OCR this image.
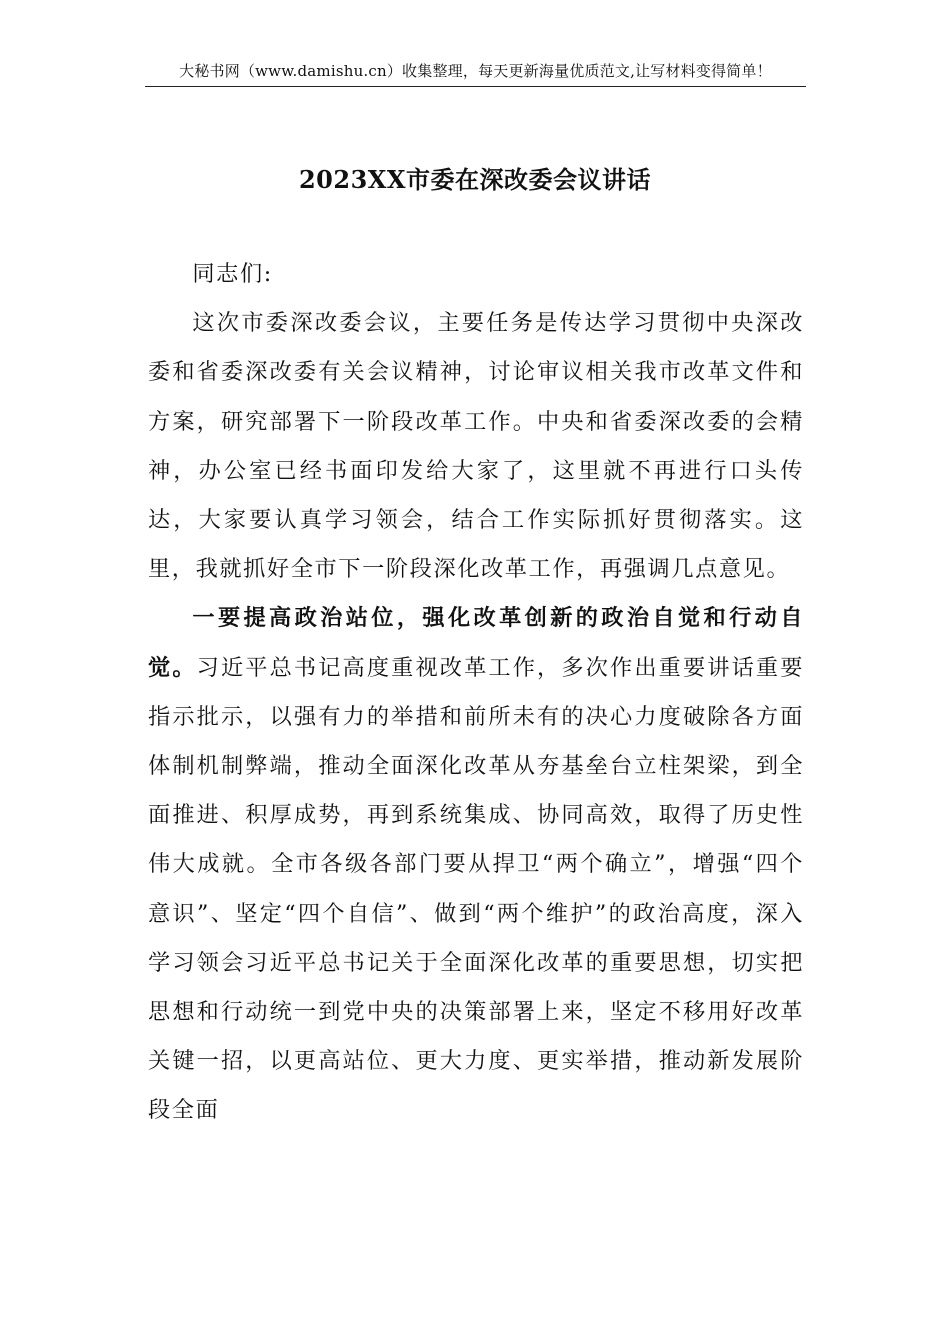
大秘书网（www.damishu.cn）收集整理，每天更新海量优质范文,让写材料变得简单！
2023XX市委在深改委会议讲话

同志们:

这次市委深改委会议，主要任务是传达学习贯彻中央深改委和省委深改委有关会议精神，讨论审议相关我市改革文件和方案，研究部署下一阶段改革工作。中央和省委深改委的会精神，办公室已经书面印发给大家了，这里就不再进行口头传达，大家要认真学习领会，结合工作实际抓好贯彻落实。这里，我就抓好全市下一阶段深化改革工作，再强调几点意见。

一要提高政治站位，强化改革创新的政治自觉和行动自觉。习近平总书记高度重视改革工作，多次作出重要讲话重要指示批示，以强有力的举措和前所未有的决心力度破除各方面体制机制弊端，推动全面深化改革从夯基垒台立柱架梁，到全面推进、积厚成势，再到系统集成、协同高效，取得了历史性伟大成就。全市各级各部门要从捍卫“两个确立”，增强“四个意识”、坚定“四个自信”、做到“两个维护”的政治高度，深入学习领会习近平总书记关于全面深化改革的重要思想，切实把思想和行动统一到党中央的决策部署上来，坚定不移用好改革关键一招，以更高站位、更大力度、更实举措，推动新发展阶段全面
